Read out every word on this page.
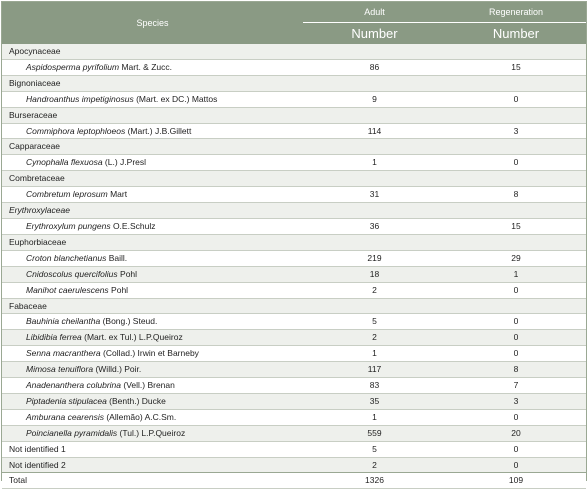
Species	Adult	Regeneration
	Number	Number
Apocynaceae		
Aspidosperma pyrifolium Mart. & Zucc.	86	15
Bignoniaceae		
Handroanthus impetiginosus (Mart. ex DC.) Mattos	9	0
Burseraceae		
Commiphora leptophloeos (Mart.) J.B.Gillett	114	3
Capparaceae		
Cynophalla flexuosa (L.) J.Presl	1	0
Combretaceae		
Combretum leprosum Mart	31	8
Erythroxylaceae		
Erythroxylum pungens O.E.Schulz	36	15
Euphorbiaceae		
Croton blanchetianus Baill.	219	29
Cnidoscolus quercifolius Pohl	18	1
Manihot caerulescens Pohl	2	0
Fabaceae		
Bauhinia cheilantha (Bong.) Steud.	5	0
Libidibia ferrea (Mart. ex Tul.) L.P.Queiroz	2	0
Senna macranthera (Collad.) Irwin et Barneby	1	0
Mimosa tenuiflora (Willd.) Poir.	117	8
Anadenanthera colubrina (Vell.) Brenan	83	7
Piptadenia stipulacea (Benth.) Ducke	35	3
Amburana cearensis (Allemão) A.C.Sm.	1	0
Poincianella pyramidalis (Tul.) L.P.Queiroz	559	20
Not identified 1	5	0
Not identified 2	2	0
Total	1326	109
